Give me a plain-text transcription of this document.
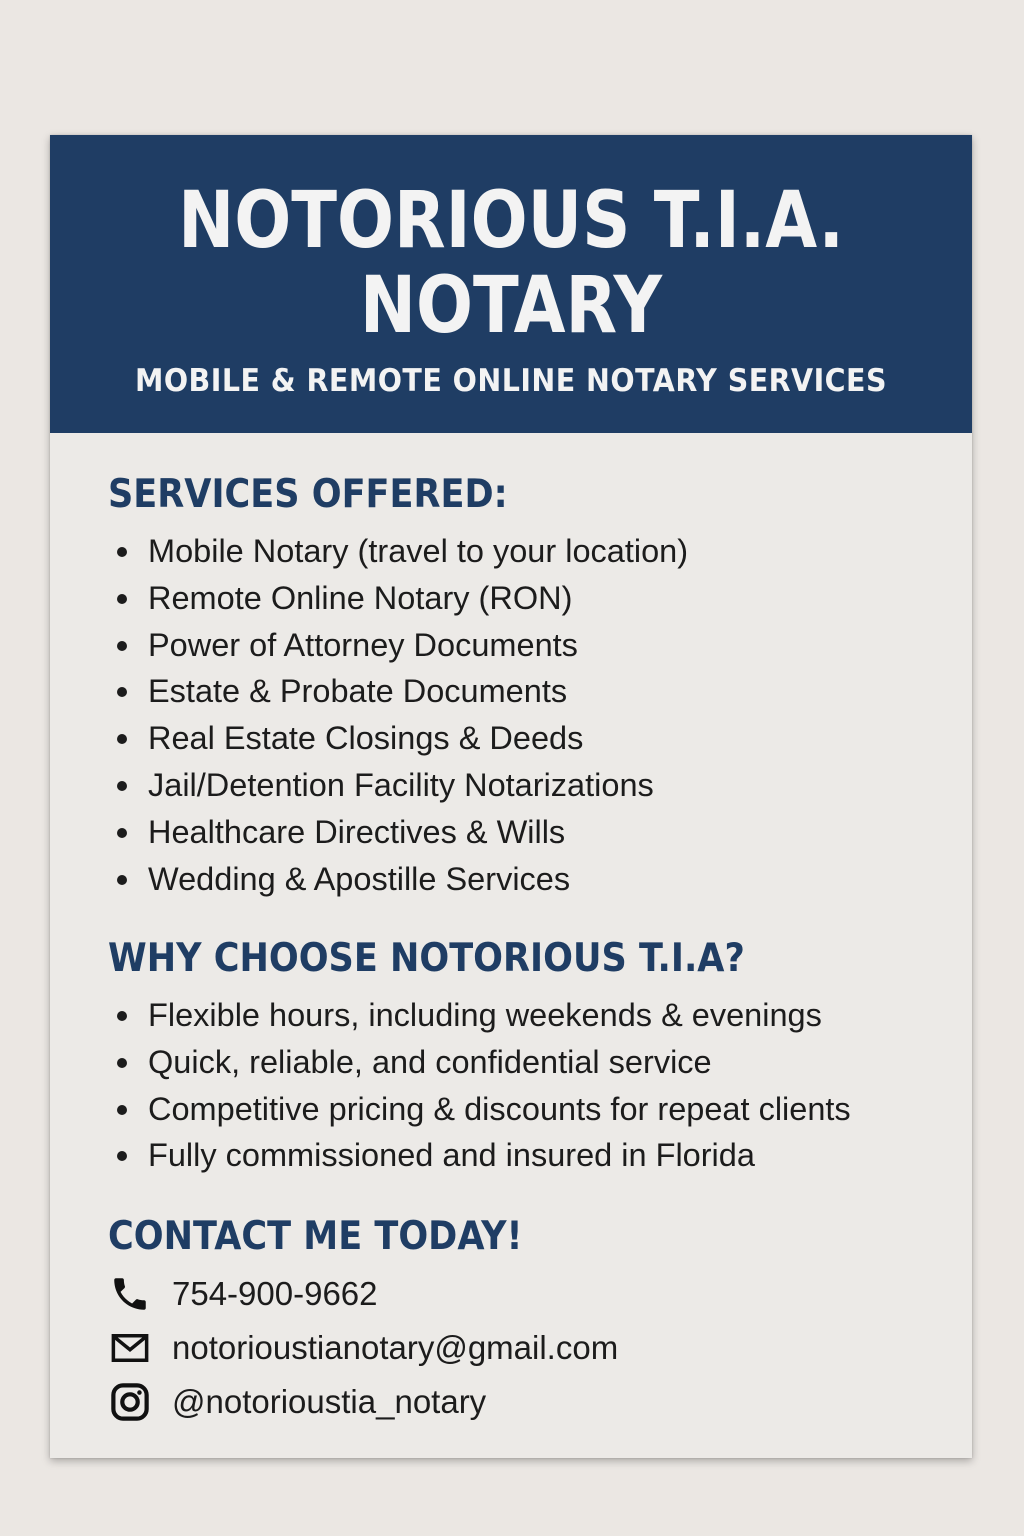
NOTORIOUS T.I.A.
NOTARY
MOBILE & REMOTE ONLINE NOTARY SERVICES
SERVICES OFFERED:
Mobile Notary (travel to your location)
Remote Online Notary (RON)
Power of Attorney Documents
Estate & Probate Documents
Real Estate Closings & Deeds
Jail/Detention Facility Notarizations
Healthcare Directives & Wills
Wedding & Apostille Services
WHY CHOOSE NOTORIOUS T.I.A?
Flexible hours, including weekends & evenings
Quick, reliable, and confidential service
Competitive pricing & discounts for repeat clients
Fully commissioned and insured in Florida
CONTACT ME TODAY!
754-900-9662
notorioustianotary@gmail.com
@notorioustia_notary
